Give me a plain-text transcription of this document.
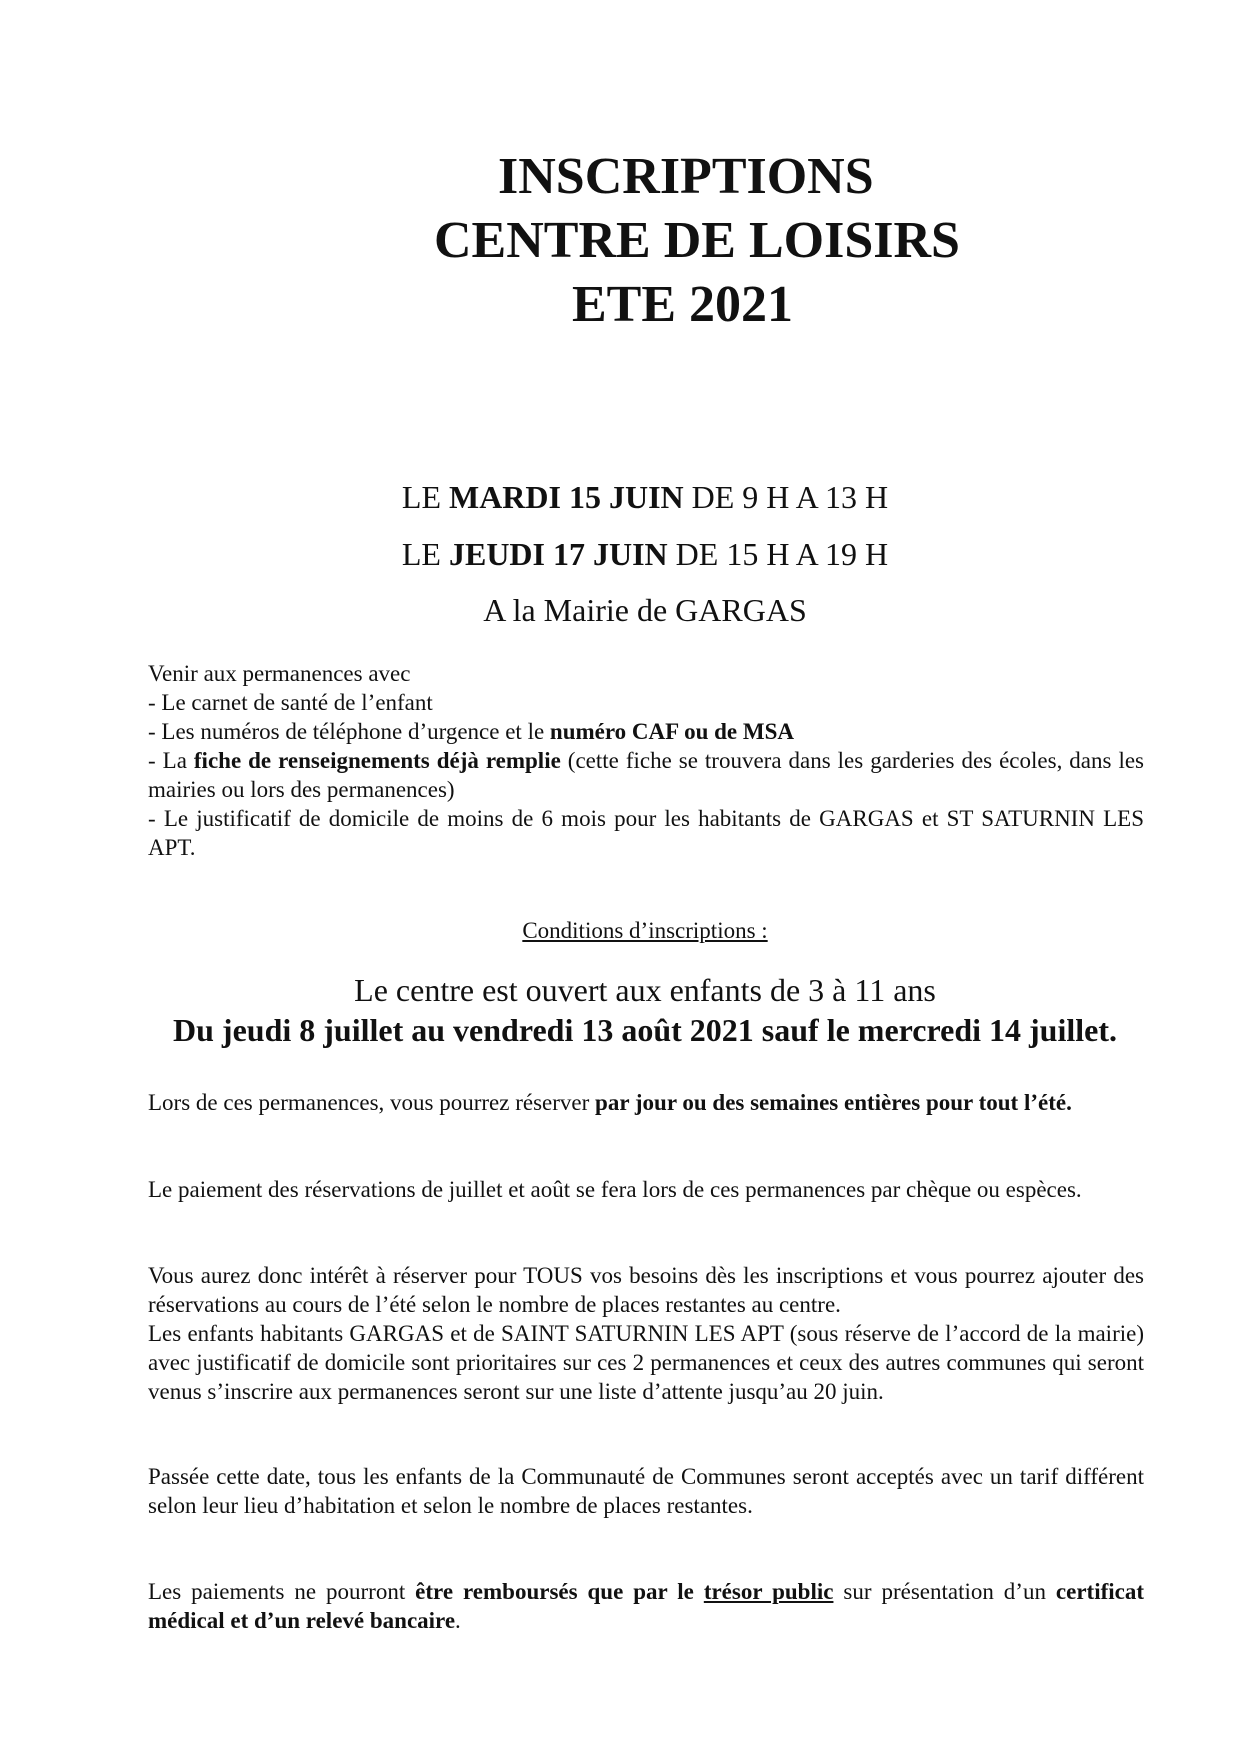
INSCRIPTIONS
CENTRE DE LOISIRS
ETE 2021
LE MARDI 15 JUIN DE 9 H A 13 H
LE JEUDI 17 JUIN DE 15 H A 19 H
A la Mairie de GARGAS
Venir aux permanences avec
- Le carnet de santé de l’enfant
- Les numéros de téléphone d’urgence et le numéro CAF ou de MSA
- La fiche de renseignements déjà remplie (cette fiche se trouvera dans les garderies des écoles, dans les mairies ou lors des permanences)
- Le justificatif de domicile de moins de 6 mois pour les habitants de GARGAS et ST SATURNIN LES APT.
Conditions d’inscriptions :
Le centre est ouvert aux enfants de 3 à 11 ans
Du jeudi 8 juillet au vendredi 13 août 2021 sauf le mercredi 14 juillet.
Lors de ces permanences, vous pourrez réserver par jour ou des semaines entières pour tout l’été.
Le paiement des réservations de juillet et août se fera lors de ces permanences par chèque ou espèces.
Vous aurez donc intérêt à réserver pour TOUS vos besoins dès les inscriptions et vous pourrez ajouter des réservations au cours de l’été selon le nombre de places restantes au centre.
Les enfants habitants GARGAS et de SAINT SATURNIN LES APT (sous réserve de l’accord de la mairie) avec justificatif de domicile sont prioritaires sur ces 2 permanences et ceux des autres communes qui seront venus s’inscrire aux permanences seront sur une liste d’attente jusqu’au 20 juin.
Passée cette date, tous les enfants de la Communauté de Communes seront acceptés avec un tarif différent selon leur lieu d’habitation et selon le nombre de places restantes.
Les paiements ne pourront être remboursés que par le trésor public sur présentation d’un certificat médical et d’un relevé bancaire.
